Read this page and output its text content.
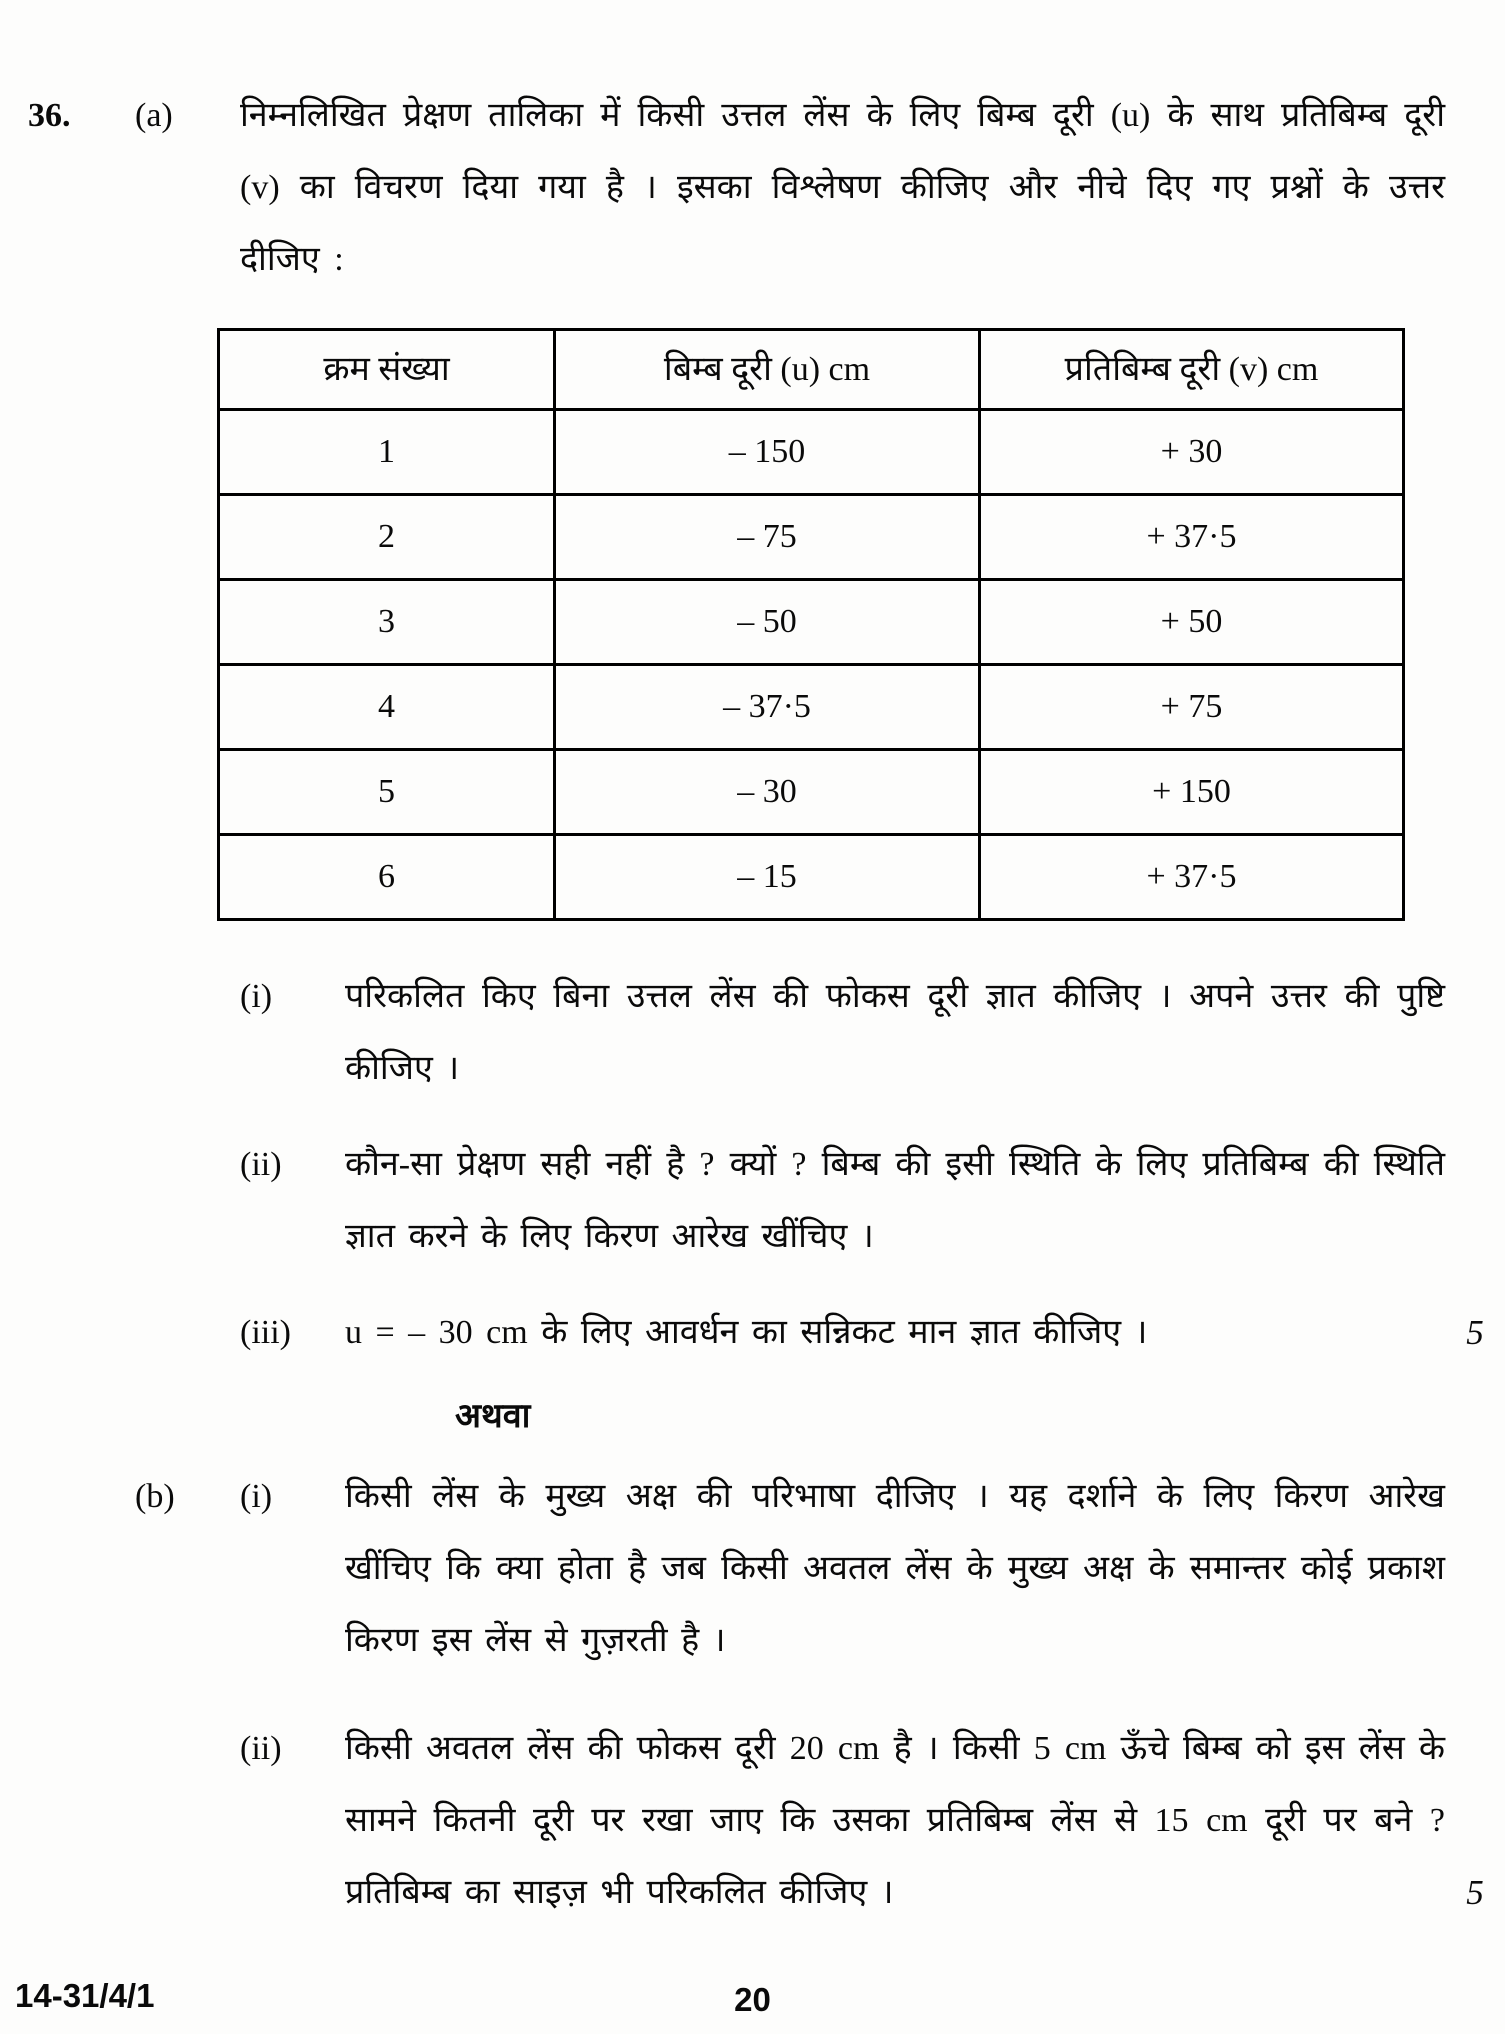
36.	(a)	निम्नलिखित प्रेक्षण तालिका में किसी उत्तल लेंस के लिए बिम्ब दूरी (u) के साथ प्रतिबिम्ब दूरी (v) का विचरण दिया गया है । इसका विश्लेषण कीजिए और नीचे दिए गए प्रश्नों के उत्तर दीजिए :
क्रम संख्या	बिम्ब दूरी (u) cm	प्रतिबिम्ब दूरी (v) cm
1	– 150	+ 30
2	– 75	+ 37·5
3	– 50	+ 50
4	– 37·5	+ 75
5	– 30	+ 150
6	– 15	+ 37·5
(i)	परिकलित किए बिना उत्तल लेंस की फोकस दूरी ज्ञात कीजिए । अपने उत्तर की पुष्टि कीजिए ।
(ii)	कौन-सा प्रेक्षण सही नहीं है ? क्यों ? बिम्ब की इसी स्थिति के लिए प्रतिबिम्ब की स्थिति ज्ञात करने के लिए किरण आरेख खींचिए ।
(iii)	u = – 30 cm के लिए आवर्धन का सन्निकट मान ज्ञात कीजिए ।	5
अथवा
(b)	(i)	किसी लेंस के मुख्य अक्ष की परिभाषा दीजिए । यह दर्शाने के लिए किरण आरेख खींचिए कि क्या होता है जब किसी अवतल लेंस के मुख्य अक्ष के समान्तर कोई प्रकाश किरण इस लेंस से गुज़रती है ।
(ii)	किसी अवतल लेंस की फोकस दूरी 20 cm है । किसी 5 cm ऊँचे बिम्ब को इस लेंस के सामने कितनी दूरी पर रखा जाए कि उसका प्रतिबिम्ब लेंस से 15 cm दूरी पर बने ? प्रतिबिम्ब का साइज़ भी परिकलित कीजिए ।	5
14-31/4/1	20
